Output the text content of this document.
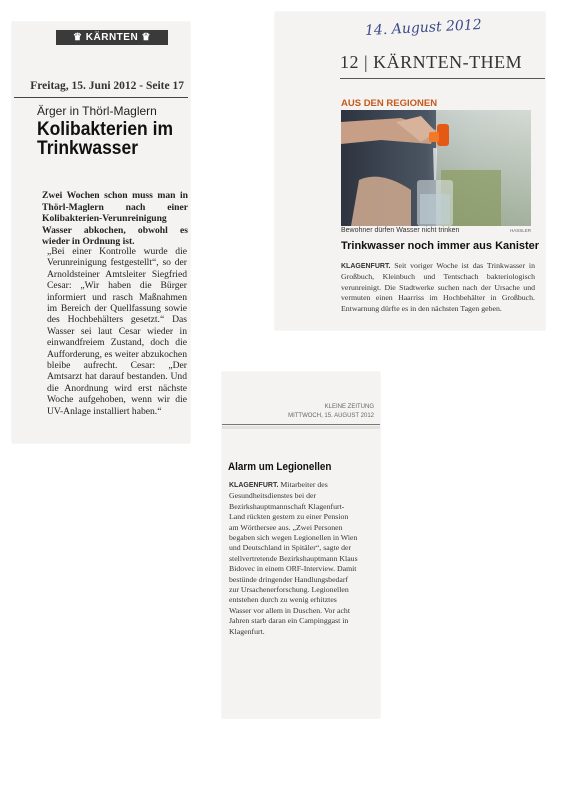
♛ KÄRNTEN ♛
Freitag, 15. Juni 2012 - Seite 17
Ärger in Thörl-Maglern
Kolibakterien im Trinkwasser
Zwei Wochen schon muss man in Thörl-Maglern nach einer Kolibakterien-Verunreinigung Wasser abkochen, obwohl es wieder in Ordnung ist.
„Bei einer Kontrolle wurde die Verunreinigung festgestellt“, so der Arnoldsteiner Amtsleiter Siegfried Cesar: „Wir haben die Bürger informiert und rasch Maßnahmen im Bereich der Quellfassung sowie des Hochbehälters gesetzt.“ Das Wasser sei laut Cesar wieder in einwandfreiem Zustand, doch die Aufforderung, es weiter abzukochen bleibe aufrecht. Cesar: „Der Amtsarzt hat darauf bestanden. Und die Anordnung wird erst nächste Woche aufgehoben, wenn wir die UV-Anlage installiert haben.“
14. August 2012
12 | KÄRNTEN-THEM
AUS DEN REGIONEN
Bewohner dürfen Wasser nicht trinken	HASSLER
Trinkwasser noch immer aus Kanister
KLAGENFURT. Seit voriger Woche ist das Trinkwasser in Großbuch, Kleinbuch und Tentschach bakteriologisch verunreinigt. Die Stadtwerke suchen nach der Ursache und vermuten einen Haarriss im Hochbehälter in Großbuch. Entwarnung dürfte es in den nächsten Tagen geben.
KLEINE ZEITUNG
MITTWOCH, 15. AUGUST 2012
Alarm um Legionellen
KLAGENFURT. Mitarbeiter des Gesundheitsdienstes bei der Bezirkshauptmannschaft Klagenfurt-Land rückten gestern zu einer Pension am Wörthersee aus. „Zwei Personen begaben sich wegen Legionellen in Wien und Deutschland in Spitäler“, sagte der stellvertretende Bezirkshauptmann Klaus Bidovec in einem ORF-Interview. Damit bestünde dringender Handlungsbedarf zur Ursachenerforschung. Legionellen entstehen durch zu wenig erhitztes Wasser vor allem in Duschen. Vor acht Jahren starb daran ein Campinggast in Klagenfurt.
